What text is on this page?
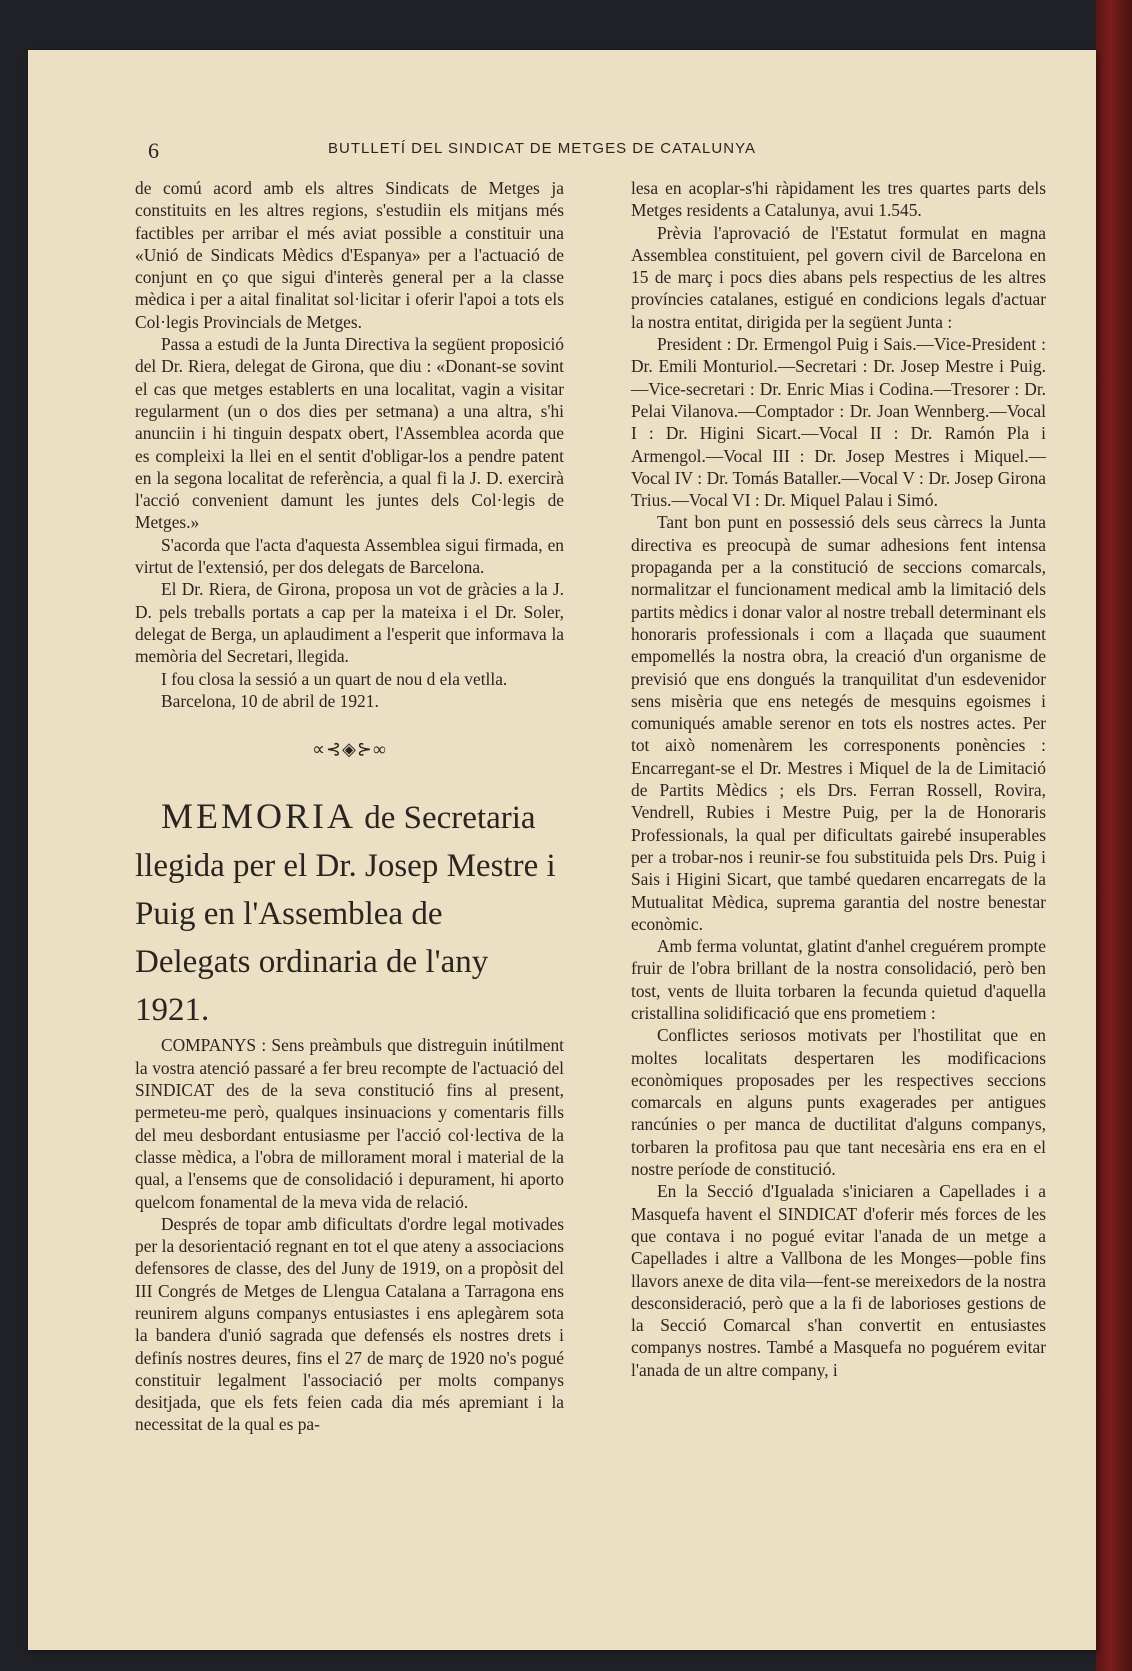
6	BUTLLETÍ DEL SINDICAT DE METGES DE CATALUNYA

de comú acord amb els altres Sindicats de Metges ja constituits en les altres regions, s'estudiin els mitjans més factibles per arribar el més aviat possible a constituir una «Unió de Sindicats Mèdics d'Espanya» per a l'actuació de conjunt en ço que sigui d'interès general per a la classe mèdica i per a aital finalitat sol·licitar i oferir l'apoi a tots els Col·legis Provincials de Metges.

Passa a estudi de la Junta Directiva la següent proposició del Dr. Riera, delegat de Girona, que diu : «Donant-se sovint el cas que metges establerts en una localitat, vagin a visitar regularment (un o dos dies per setmana) a una altra, s'hi anunciin i hi tinguin despatx obert, l'Assemblea acorda que es compleixi la llei en el sentit d'obligar-los a pendre patent en la segona localitat de referència, a qual fi la J. D. exercirà l'acció convenient damunt les juntes dels Col·legis de Metges.»

S'acorda que l'acta d'aquesta Assemblea sigui firmada, en virtut de l'extensió, per dos delegats de Barcelona.

El Dr. Riera, de Girona, proposa un vot de gràcies a la J. D. pels treballs portats a cap per la mateixa i el Dr. Soler, delegat de Berga, un aplaudiment a l'esperit que informava la memòria del Secretari, llegida.

I fou closa la sessió a un quart de nou d ela vetlla.

Barcelona, 10 de abril de 1921.

∝⊰◈⊱∞

MEMORIA de Secretaria llegida per el Dr. Josep Mestre i Puig en l'Assemblea de Delegats ordinaria de l'any 1921.

COMPANYS : Sens preàmbuls que distreguin inútilment la vostra atenció passaré a fer breu recompte de l'actuació del SINDICAT des de la seva constitució fins al present, permeteu-me però, qualques insinuacions y comentaris fills del meu desbordant entusiasme per l'acció col·lectiva de la classe mèdica, a l'obra de millorament moral i material de la qual, a l'ensems que de consolidació i depurament, hi aporto quelcom fonamental de la meva vida de relació.

Després de topar amb dificultats d'ordre legal motivades per la desorientació regnant en tot el que ateny a associacions defensores de classe, des del Juny de 1919, on a propòsit del III Congrés de Metges de Llengua Catalana a Tarragona ens reunirem alguns companys entusiastes i ens aplegàrem sota la bandera d'unió sagrada que defensés els nostres drets i definís nostres deures, fins el 27 de març de 1920 no's pogué constituir legalment l'associació per molts companys desitjada, que els fets feien cada dia més apremiant i la necessitat de la qual es pa-

lesa en acoplar-s'hi ràpidament les tres quartes parts dels Metges residents a Catalunya, avui 1.545.

Prèvia l'aprovació de l'Estatut formulat en magna Assemblea constituient, pel govern civil de Barcelona en 15 de març i pocs dies abans pels respectius de les altres províncies catalanes, estigué en condicions legals d'actuar la nostra entitat, dirigida per la següent Junta :

President : Dr. Ermengol Puig i Sais.—Vice-President : Dr. Emili Monturiol.—Secretari : Dr. Josep Mestre i Puig.—Vice-secretari : Dr. Enric Mias i Codina.—Tresorer : Dr. Pelai Vilanova.—Comptador : Dr. Joan Wennberg.—Vocal I : Dr. Higini Sicart.—Vocal II : Dr. Ramón Pla i Armengol.—Vocal III : Dr. Josep Mestres i Miquel.—Vocal IV : Dr. Tomás Bataller.—Vocal V : Dr. Josep Girona Trius.—Vocal VI : Dr. Miquel Palau i Simó.

Tant bon punt en possessió dels seus càrrecs la Junta directiva es preocupà de sumar adhesions fent intensa propaganda per a la constitució de seccions comarcals, normalitzar el funcionament medical amb la limitació dels partits mèdics i donar valor al nostre treball determinant els honoraris professionals i com a llaçada que suaument empomellés la nostra obra, la creació d'un organisme de previsió que ens dongués la tranquilitat d'un esdevenidor sens misèria que ens netegés de mesquins egoismes i comuniqués amable serenor en tots els nostres actes. Per tot això nomenàrem les corresponents ponències : Encarregant-se el Dr. Mestres i Miquel de la de Limitació de Partits Mèdics ; els Drs. Ferran Rossell, Rovira, Vendrell, Rubies i Mestre Puig, per la de Honoraris Professionals, la qual per dificultats gairebé insuperables per a trobar-nos i reunir-se fou substituida pels Drs. Puig i Sais i Higini Sicart, que també quedaren encarregats de la Mutualitat Mèdica, suprema garantia del nostre benestar econòmic.

Amb ferma voluntat, glatint d'anhel creguérem prompte fruir de l'obra brillant de la nostra consolidació, però ben tost, vents de lluita torbaren la fecunda quietud d'aquella cristallina solidificació que ens prometiem :

Conflictes seriosos motivats per l'hostilitat que en moltes localitats despertaren les modificacions econòmiques proposades per les respectives seccions comarcals en alguns punts exagerades per antigues rancúnies o per manca de ductilitat d'alguns companys, torbaren la profitosa pau que tant necesària ens era en el nostre període de constitució.

En la Secció d'Igualada s'iniciaren a Capellades i a Masquefa havent el SINDICAT d'oferir més forces de les que contava i no pogué evitar l'anada de un metge a Capellades i altre a Vallbona de les Monges—poble fins llavors anexe de dita vila—fent-se mereixedors de la nostra desconsideració, però que a la fi de laborioses gestions de la Secció Comarcal s'han convertit en entusiastes companys nostres. També a Masquefa no poguérem evitar l'anada de un altre company, i
